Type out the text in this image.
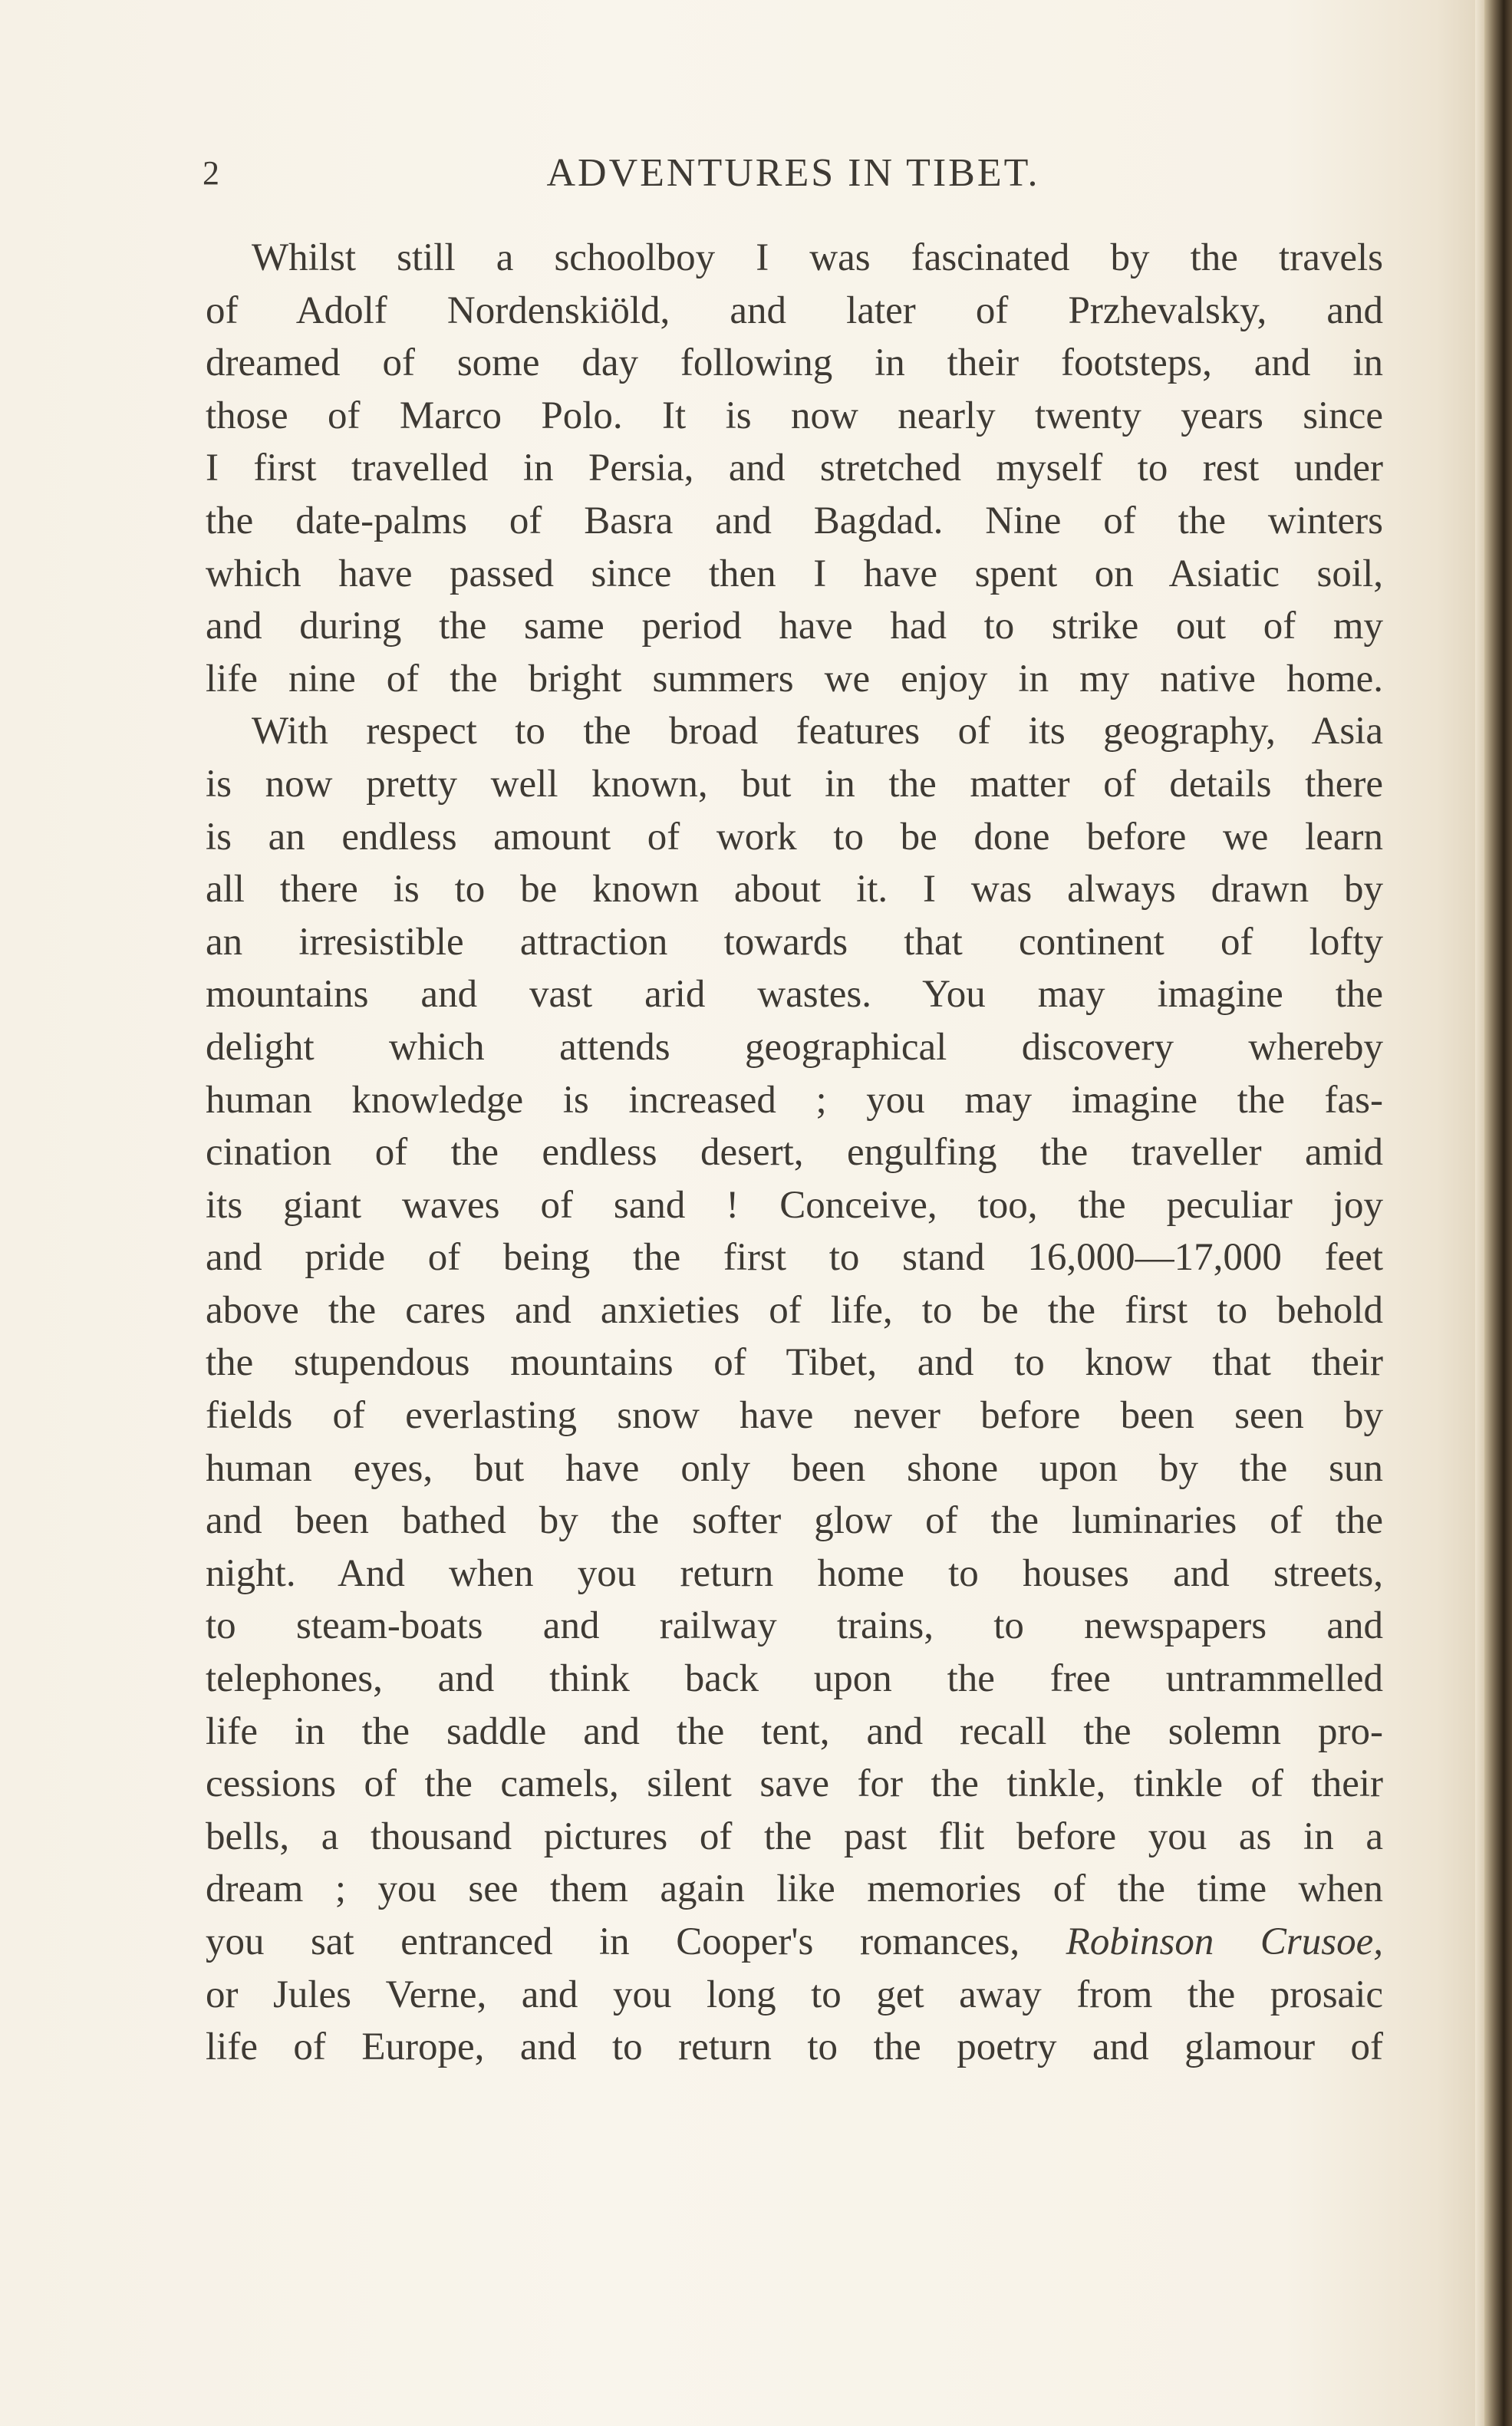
2	ADVENTURES IN TIBET.
Whilst still a schoolboy I was fascinated by the travels
of Adolf Nordenskiöld, and later of Przhevalsky, and
dreamed of some day following in their footsteps, and in
those of Marco Polo. It is now nearly twenty years since
I first travelled in Persia, and stretched myself to rest under
the date-palms of Basra and Bagdad. Nine of the winters
which have passed since then I have spent on Asiatic soil,
and during the same period have had to strike out of my
life nine of the bright summers we enjoy in my native home.
With respect to the broad features of its geography, Asia
is now pretty well known, but in the matter of details there
is an endless amount of work to be done before we learn
all there is to be known about it. I was always drawn by
an irresistible attraction towards that continent of lofty
mountains and vast arid wastes. You may imagine the
delight which attends geographical discovery whereby
human knowledge is increased ; you may imagine the fas-
cination of the endless desert, engulfing the traveller amid
its giant waves of sand ! Conceive, too, the peculiar joy
and pride of being the first to stand 16,000—17,000 feet
above the cares and anxieties of life, to be the first to behold
the stupendous mountains of Tibet, and to know that their
fields of everlasting snow have never before been seen by
human eyes, but have only been shone upon by the sun
and been bathed by the softer glow of the luminaries of the
night. And when you return home to houses and streets,
to steam-boats and railway trains, to newspapers and
telephones, and think back upon the free untrammelled
life in the saddle and the tent, and recall the solemn pro-
cessions of the camels, silent save for the tinkle, tinkle of their
bells, a thousand pictures of the past flit before you as in a
dream ; you see them again like memories of the time when
you sat entranced in Cooper's romances, Robinson Crusoe,
or Jules Verne, and you long to get away from the prosaic
life of Europe, and to return to the poetry and glamour of
